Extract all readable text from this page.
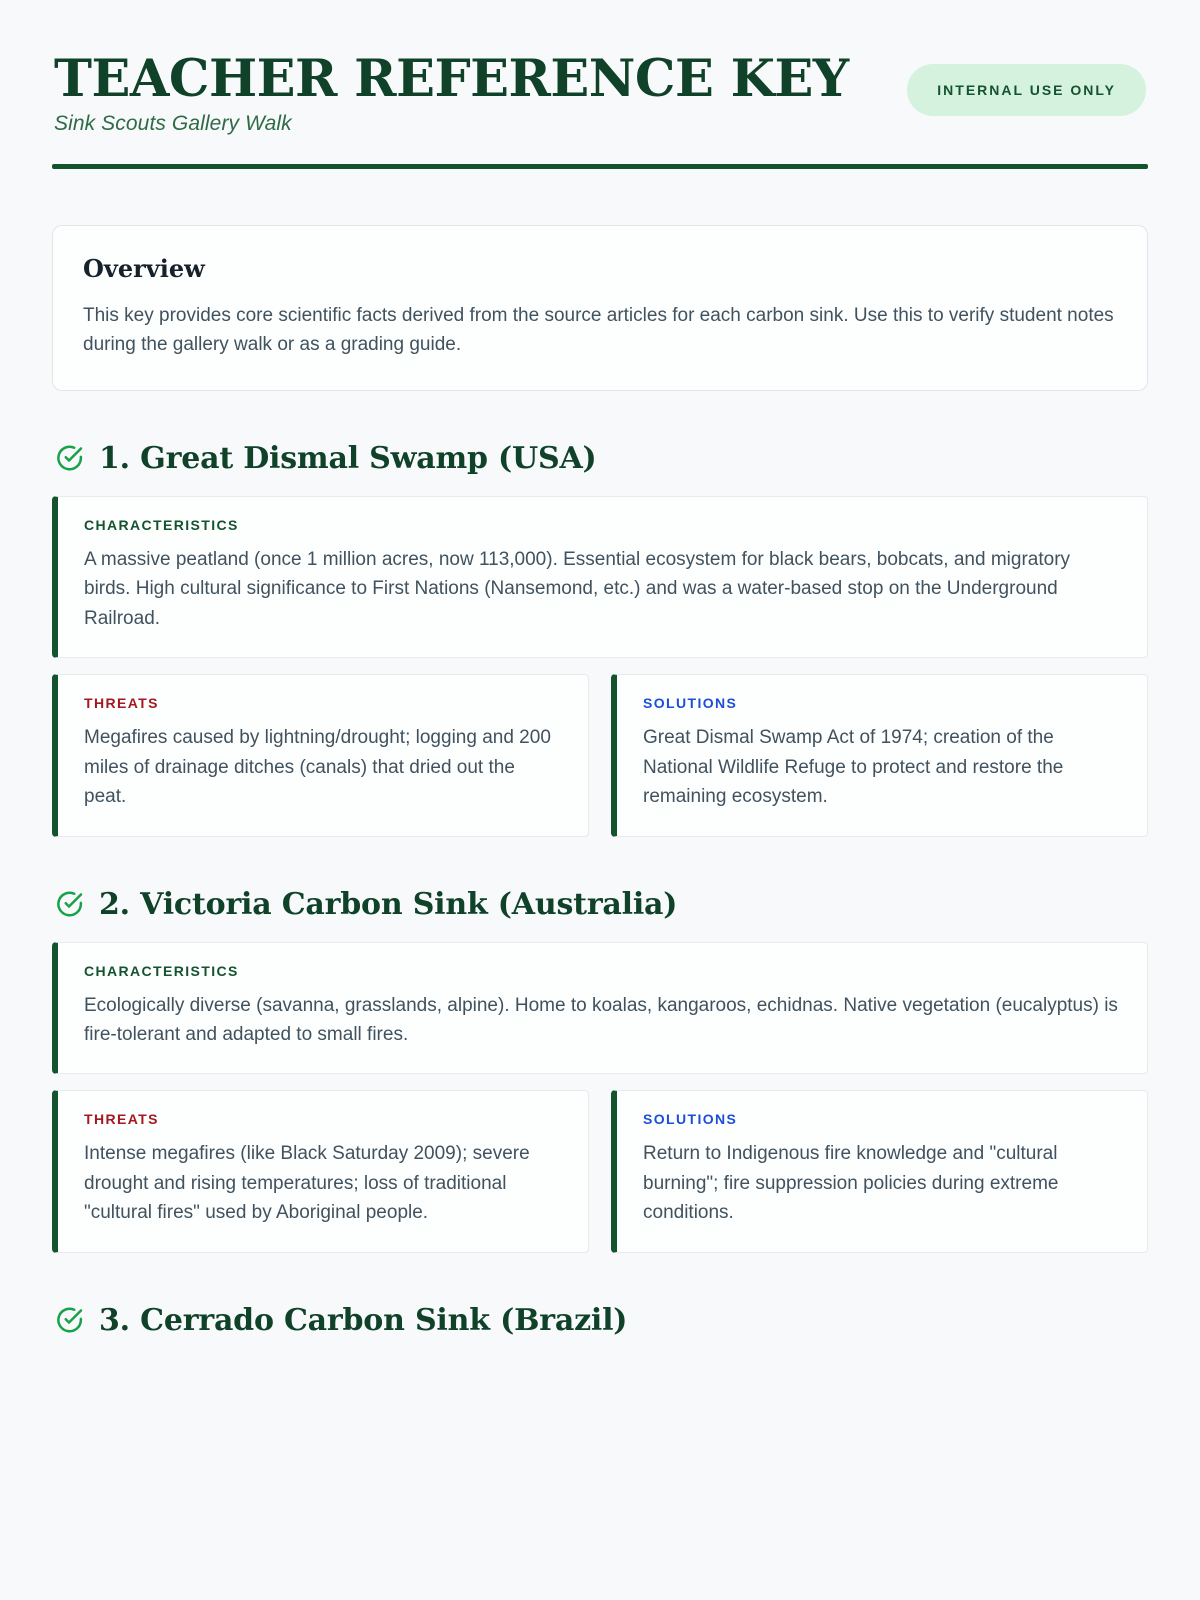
TEACHER REFERENCE KEY

Sink Scouts Gallery Walk

INTERNAL USE ONLY
Overview

This key provides core scientific facts derived from the source articles for each carbon sink. Use this to verify student notes during the gallery walk or as a grading guide.

1. Great Dismal Swamp (USA)

CHARACTERISTICS

A massive peatland (once 1 million acres, now 113,000). Essential ecosystem for black bears, bobcats, and migratory birds. High cultural significance to First Nations (Nansemond, etc.) and was a water-based stop on the Underground Railroad.

THREATS

Megafires caused by lightning/drought; logging and 200 miles of drainage ditches (canals) that dried out the peat.

SOLUTIONS

Great Dismal Swamp Act of 1974; creation of the National Wildlife Refuge to protect and restore the remaining ecosystem.

2. Victoria Carbon Sink (Australia)

CHARACTERISTICS

Ecologically diverse (savanna, grasslands, alpine). Home to koalas, kangaroos, echidnas. Native vegetation (eucalyptus) is fire-tolerant and adapted to small fires.

THREATS

Intense megafires (like Black Saturday 2009); severe drought and rising temperatures; loss of traditional "cultural fires" used by Aboriginal people.

SOLUTIONS

Return to Indigenous fire knowledge and "cultural burning"; fire suppression policies during extreme conditions.

3. Cerrado Carbon Sink (Brazil)
